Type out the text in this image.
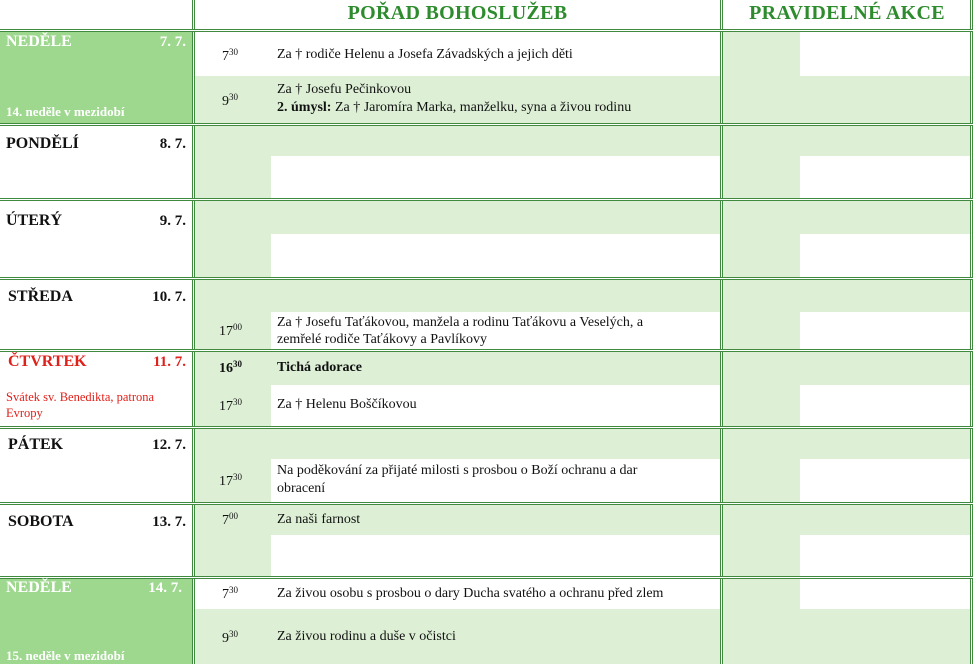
POŘAD BOHOSLUŽEB	PRAVIDELNÉ AKCE
NEDĚLE	7. 7.
14. neděle v mezidobí
$7^{30}$	Za † rodiče Helenu a Josefa Závadských a jejich děti
$9^{30}$	Za † Josefu Pečinkovou
2. úmysl: Za † Jaromíra Marka, manželku, syna a živou rodinu
PONDĚLÍ	8. 7.
ÚTERÝ	9. 7.
STŘEDA	10. 7.
$17^{00}$	Za † Josefu Taťákovou, manžela a rodinu Taťákovu a Veselých, a
zemřelé rodiče Taťákovy a Pavlíkovy
ČTVRTEK	11. 7.
Svátek sv. Benedikta, patrona
Evropy
$16^{30}$	Tichá adorace
$17^{30}$	Za † Helenu Boščíkovou
PÁTEK	12. 7.
$17^{30}$	Na poděkování za přijaté milosti s prosbou o Boží ochranu a dar
obracení
SOBOTA	13. 7.	$7^{00}$	Za naši farnost
NEDĚLE	14. 7.
15. neděle v mezidobí
$7^{30}$	Za živou osobu s prosbou o dary Ducha svatého a ochranu před zlem
$9^{30}$	Za živou rodinu a duše v očistci
